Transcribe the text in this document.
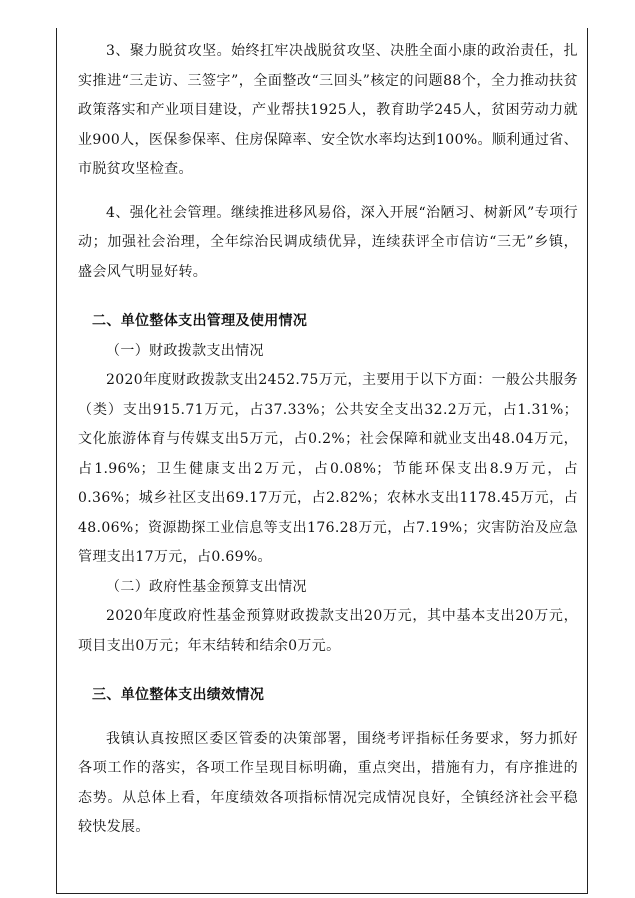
3、聚力脱贫攻坚。始终扛牢决战脱贫攻坚、决胜全面小康的政治责任，扎实推进“三走访、三签字”，全面整改“三回头”核定的问题88个，全力推动扶贫政策落实和产业项目建设，产业帮扶1925人，教育助学245人，贫困劳动力就业900人，医保参保率、住房保障率、安全饮水率均达到100%。顺利通过省、市脱贫攻坚检查。

4、强化社会管理。继续推进移风易俗，深入开展“治陋习、树新风”专项行动；加强社会治理，全年综治民调成绩优异，连续获评全市信访“三无”乡镇，盛会风气明显好转。

二、单位整体支出管理及使用情况

（一）财政拨款支出情况

2020年度财政拨款支出2452.75万元，主要用于以下方面：一般公共服务（类）支出915.71万元，占37.33%；公共安全支出32.2万元，占1.31%；文化旅游体育与传媒支出5万元，占0.2%；社会保障和就业支出48.04万元，占1.96%；卫生健康支出2万元，占0.08%；节能环保支出8.9万元，占0.36%；城乡社区支出69.17万元，占2.82%；农林水支出1178.45万元，占48.06%；资源勘探工业信息等支出176.28万元，占7.19%；灾害防治及应急管理支出17万元，占0.69%。

（二）政府性基金预算支出情况

2020年度政府性基金预算财政拨款支出20万元，其中基本支出20万元，项目支出0万元；年末结转和结余0万元。

三、单位整体支出绩效情况

我镇认真按照区委区管委的决策部署，围绕考评指标任务要求，努力抓好各项工作的落实，各项工作呈现目标明确，重点突出，措施有力，有序推进的态势。从总体上看，年度绩效各项指标情况完成情况良好，全镇经济社会平稳较快发展。
